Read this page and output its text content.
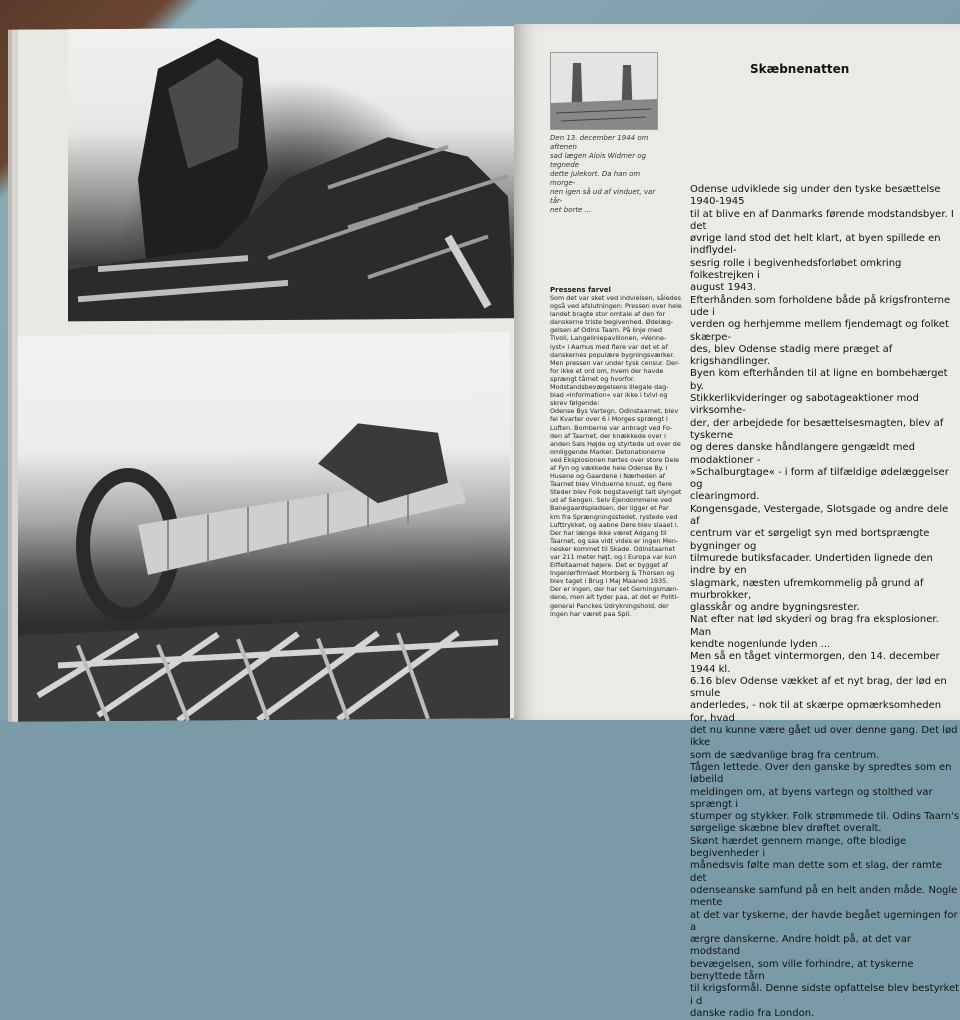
Den 13. december 1944 om aftenen
sad lægen Alois Widmer og tegnede
dette julekort. Da han om morge-
nen igen så ud af vinduet, var tår-
net borte ...
Skæbnenatten
Pressens farvel
Som det var sket ved indvielsen, således
også ved afslutningen: Pressen over hele
landet bragte stor omtale af den for
danskerne triste begivenhed. Ødelæg-
gelsen af Odins Taarn. På linje med
Tivoli, Langeliniepavillonen, »Venne-
lyst« i Aarhus med flere var det et af
danskernes populære bygningsværker.
Men pressen var under tysk censur. Der-
for ikke et ord om, hvem der havde
sprængt tårnet og hvorfor.
Modstandsbevægelsens illegale dag-
blad »Information« var ikke i tvivl og
skrev følgende:
Odense Bys Vartegn, Odinstaarnet, blev
fel Kvarter over 6 i Morges sprængt i
Luften. Bomberne var anbragt ved Fo-
den af Taarnet, der knækkede over i
anden Sals Højde og styrtede ud over de
omliggende Marker. Detonationerne
ved Eksplosionen hørtes over store Dele
af Fyn og vækkede hele Odense By. I
Husene og Gaardene i Nærheden af
Taarnet blev Vinduerne knust, og flere
Steder blev Folk bogstaveligt talt slynget
ud af Sengen. Selv Ejendommene ved
Banegaardspladsen, der ligger et Par
km fra Sprængningsstedet, rystede ved
Lufttrykket, og aabne Døre blev slaaet i.
Der har længe ikke været Adgang til
Taarnet, og saa vidt vides er ingen Men-
nesker kommet til Skade. Odinstaarnet
var 211 meter højt, og i Europa var kun
Eiffeltaarnet højere. Det er bygget af
Ingeniørfirmaet Monberg & Thorsen og
blev taget i Brug i Maj Maaned 1935.
Der er ingen, der har set Gerningsmæn-
dene, men alt tyder paa, at det er Politi-
general Panckes Udrykningshold, der
ingen har været paa Spil.
Odense udviklede sig under den tyske besættelse 1940-1945
til at blive en af Danmarks førende modstandsbyer. I det
øvrige land stod det helt klart, at byen spillede en indflydel-
sesrig rolle i begivenhedsforløbet omkring folkestrejken i
august 1943.
Efterhånden som forholdene både på krigsfronterne ude i
verden og herhjemme mellem fjendemagt og folket skærpe-
des, blev Odense stadig mere præget af krigshandlinger.
Byen kom efterhånden til at ligne en bombehærget by.
Stikkerlikvideringer og sabotageaktioner mod virksomhe-
der, der arbejdede for besættelsesmagten, blev af tyskerne
og deres danske håndlangere gengældt med modaktioner -
»Schalburgtage« - i form af tilfældige ødelæggelser og
clearingmord.
Kongensgade, Vestergade, Slotsgade og andre dele af
centrum var et sørgeligt syn med bortsprængte bygninger og
tilmurede butiksfacader. Undertiden lignede den indre by en
slagmark, næsten ufremkommelig på grund af murbrokker,
glasskår og andre bygningsrester.
Nat efter nat lød skyderi og brag fra eksplosioner. Man
kendte nogenlunde lyden ...
Men så en tåget vintermorgen, den 14. december 1944 kl.
6.16 blev Odense vækket af et nyt brag, der lød en smule
anderledes, - nok til at skærpe opmærksomheden for, hvad
det nu kunne være gået ud over denne gang. Det lød ikke
som de sædvanlige brag fra centrum.
Tågen lettede. Over den ganske by spredtes som en løbeild
meldingen om, at byens vartegn og stolthed var sprængt i
stumper og stykker. Folk strømmede til. Odins Taarn's
sørgelige skæbne blev drøftet overalt.
Skønt hærdet gennem mange, ofte blodige begivenheder i
månedsvis følte man dette som et slag, der ramte det
odenseanske samfund på en helt anden måde. Nogle mente
at det var tyskerne, der havde begået ugerningen for a
ærgre danskerne. Andre holdt på, at det var modstand
bevægelsen, som ville forhindre, at tyskerne benyttede tårn
til krigsformål. Denne sidste opfattelse blev bestyrket i d
danske radio fra London.
